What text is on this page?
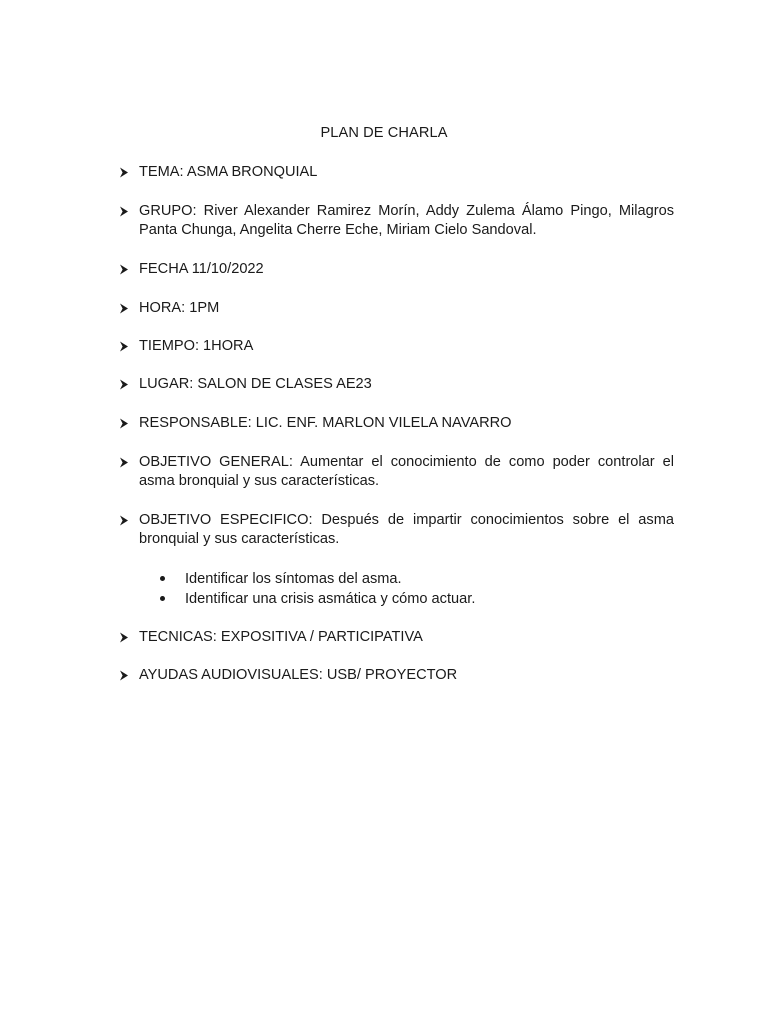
PLAN DE CHARLA
TEMA: ASMA BRONQUIAL
GRUPO: River Alexander Ramirez Morín, Addy Zulema Álamo Pingo, Milagros Panta Chunga, Angelita Cherre Eche, Miriam Cielo Sandoval.
FECHA 11/10/2022
HORA: 1PM
TIEMPO: 1HORA
LUGAR: SALON DE CLASES AE23
RESPONSABLE: LIC. ENF. MARLON VILELA NAVARRO
OBJETIVO GENERAL: Aumentar el conocimiento de como poder controlar el asma bronquial y sus características.
OBJETIVO ESPECIFICO: Después de impartir conocimientos sobre el asma bronquial y sus características.
Identificar los síntomas del asma.
Identificar una crisis asmática y cómo actuar.
TECNICAS: EXPOSITIVA / PARTICIPATIVA
AYUDAS AUDIOVISUALES: USB/ PROYECTOR
